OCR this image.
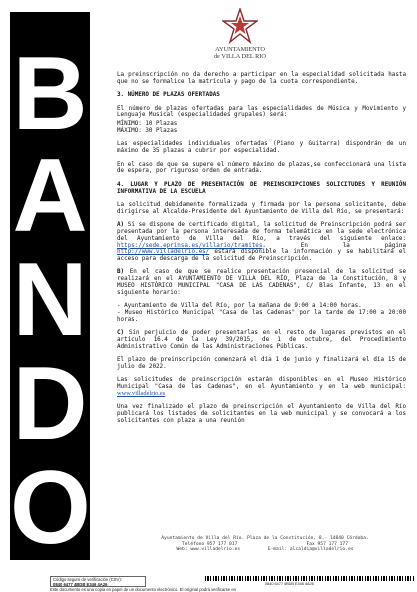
B
A
N
D
O
AYUNTAMIENTO
de VILLA DEL RIO

La preinscripción no da derecho a participar en la especialidad solicitada hasta que no se formalice la matrícula y pago de la cuota correspondiente.

3. NÚMERO DE PLAZAS OFERTADAS

El número de plazas ofertadas para las especialidades de Música y Movimiento y Lenguaje Musical (especialidades grupales) será:

MÍNIMO: 10 Plazas

MÁXIMO: 30 Plazas

Las especialidades individuales ofertadas (Piano y Guitarra) dispondrán de un máximo de 35 plazas a cubrir por especialidad.

En el caso de que se supere el número máximo de plazas,se confeccionará una lista de espera, por riguroso orden de entrada.

4. LUGAR Y PLAZO DE PRESENTACIÓN DE PREINSCRIPCIONES SOLICITUDES Y REUNIÓN INFORMATIVA DE LA ESCUELA

La solicitud debidamente formalizada y firmada por la persona solicitante, debe dirigirse al Alcalde-Presidente del Ayuntamiento de Villa del Río, se presentará:

A) Si se dispone de certificado digital, la solicitud de Preinscripción podrá ser presentada por la persona interesada de forma telemática en la sede electrónica del Ayuntamiento de Villa del Río, a través del siguiente enlace: https://sede.eprinsa.es/villario/tramites. En la página http://www.villadelrio.es/ estará disponible la información y se habilitará el acceso para descarga de la solicitud de Preinscripción.

B) En el caso de que se realice presentación presencial de la solicitud se realizará en el AYUNTAMIENTO DE VILLA DEL RÍO, Plaza de la Constitución, 8 y MUSEO HISTÓRICO MUNICIPAL "CASA DE LAS CADENAS", C/ Blas Infante, 13 en el siguiente horario:

- Ayuntamiento de Villa del Río, por la mañana de 9:00 a 14:00 horas.

- Museo Histórico Municipal "Casa de las Cadenas" por la tarde de 17:00 a 20:00 horas.

C) Sin perjuicio de poder presentarlas en el resto de lugares previstos en el artículo 16.4 de la Ley 39/2015, de 1 de octubre, del Procedimiento Administrativo Común de las Administraciones Públicas.

El plazo de preinscripción comenzará el día 1 de junio y finalizará el día 15 de julio de 2022.

Las solicitudes de preinscripción estarán disponibles en el Museo Histórico Municipal "Casa de las Cadenas", en el Ayuntamiento y en la web municipal: www.villadelrio.es

Una vez finalizado el plazo de preinscripción el Ayuntamiento de Villa del Río publicará los listados de solicitantes en la web municipal y se convocará a los solicitantes con plaza a una reunión

Ayuntamiento de Villa del Río. Plaza de la Constitución, 8.- 14840 Córdoba.
Teléfono 957 177 017                         Fax 957 177 177
Web: www.villadelrio.es          E-mail: alcaldia@villadelrio.es
Código seguro de verificación (CSV):
0840 6477 4BDB E346 4A26	0840 6477 4BDB E346 4A26
Este documento es una copia en papel de un documento electrónico. El original podrá verificarse en
